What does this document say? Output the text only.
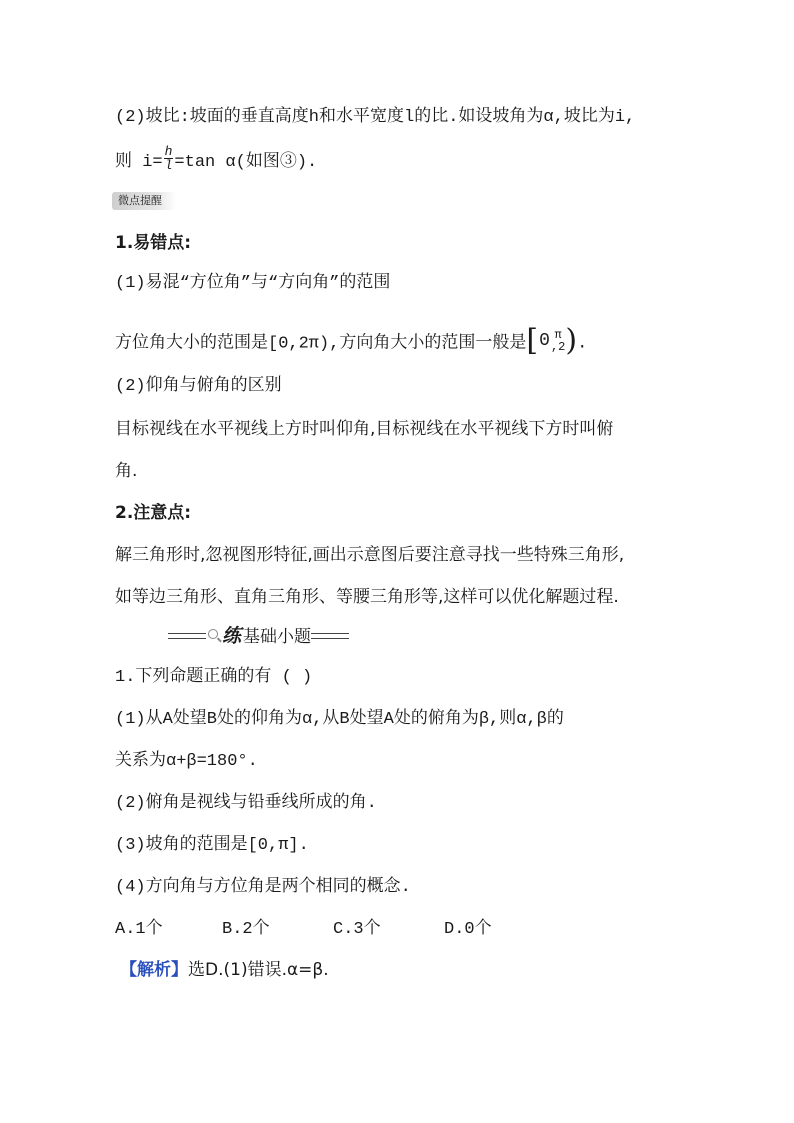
(2)坡比:坡面的垂直高度h和水平宽度l的比.如设坡角为α,坡比为i,
则 $i= \frac{h}{l} =\tan$ α(如图③).
微点提醒
1.易错点:
(1)易混“方位角”与“方向角”的范围
方位角大小的范围是[0,2π),方向角大小的范围一般是[0 π
,2 ).
(2)仰角与俯角的区别
目标视线在水平视线上方时叫仰角,目标视线在水平视线下方时叫俯
角.
2.注意点:
解三角形时,忽视图形特征,画出示意图后要注意寻找一些特殊三角形,
如等边三角形、直角三角形、等腰三角形等,这样可以优化解题过程.
练 基础小题
1.下列命题正确的有 ( )
(1)从A处望B处的仰角为α,从B处望A处的俯角为β,则α,β的
关系为α+β=180°.
(2)俯角是视线与铅垂线所成的角.
(3)坡角的范围是[0,π].
(4)方向角与方位角是两个相同的概念.
A.1个	B.2个	C.3个	D.0个
【解析】选D.(1)错误.α=β.
